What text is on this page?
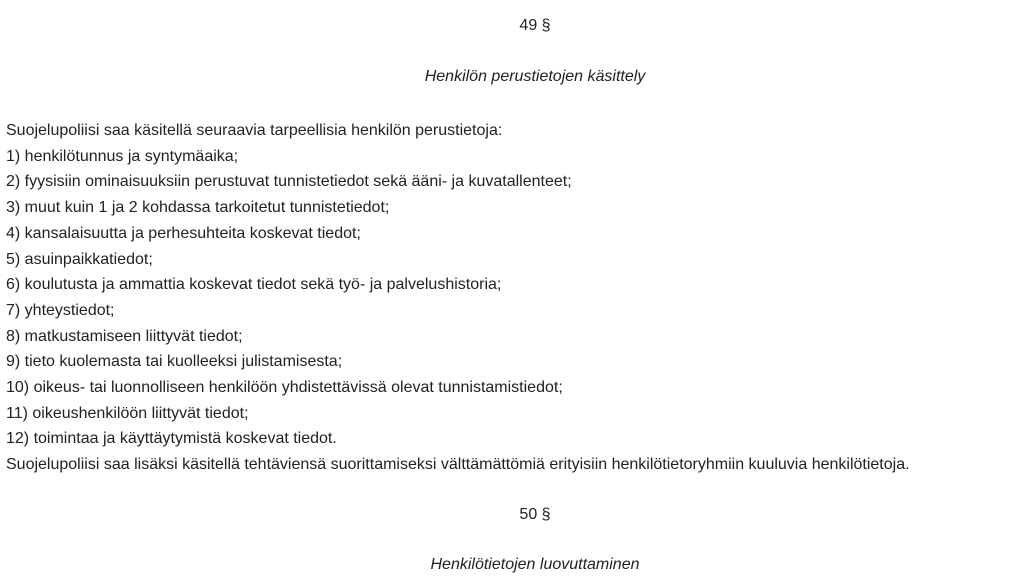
49 §
Henkilön perustietojen käsittely

Suojelupoliisi saa käsitellä seuraavia tarpeellisia henkilön perustietoja:

1) henkilötunnus ja syntymäaika;

2) fyysisiin ominaisuuksiin perustuvat tunnistetiedot sekä ääni- ja kuvatallenteet;

3) muut kuin 1 ja 2 kohdassa tarkoitetut tunnistetiedot;

4) kansalaisuutta ja perhesuhteita koskevat tiedot;

5) asuinpaikkatiedot;

6) koulutusta ja ammattia koskevat tiedot sekä työ- ja palvelushistoria;

7) yhteystiedot;

8) matkustamiseen liittyvät tiedot;

9) tieto kuolemasta tai kuolleeksi julistamisesta;

10) oikeus- tai luonnolliseen henkilöön yhdistettävissä olevat tunnistamistiedot;

11) oikeushenkilöön liittyvät tiedot;

12) toimintaa ja käyttäytymistä koskevat tiedot.

Suojelupoliisi saa lisäksi käsitellä tehtäviensä suorittamiseksi välttämättömiä erityisiin henkilötietoryhmiin kuuluvia henkilötietoja.

50 §
Henkilötietojen luovuttaminen
